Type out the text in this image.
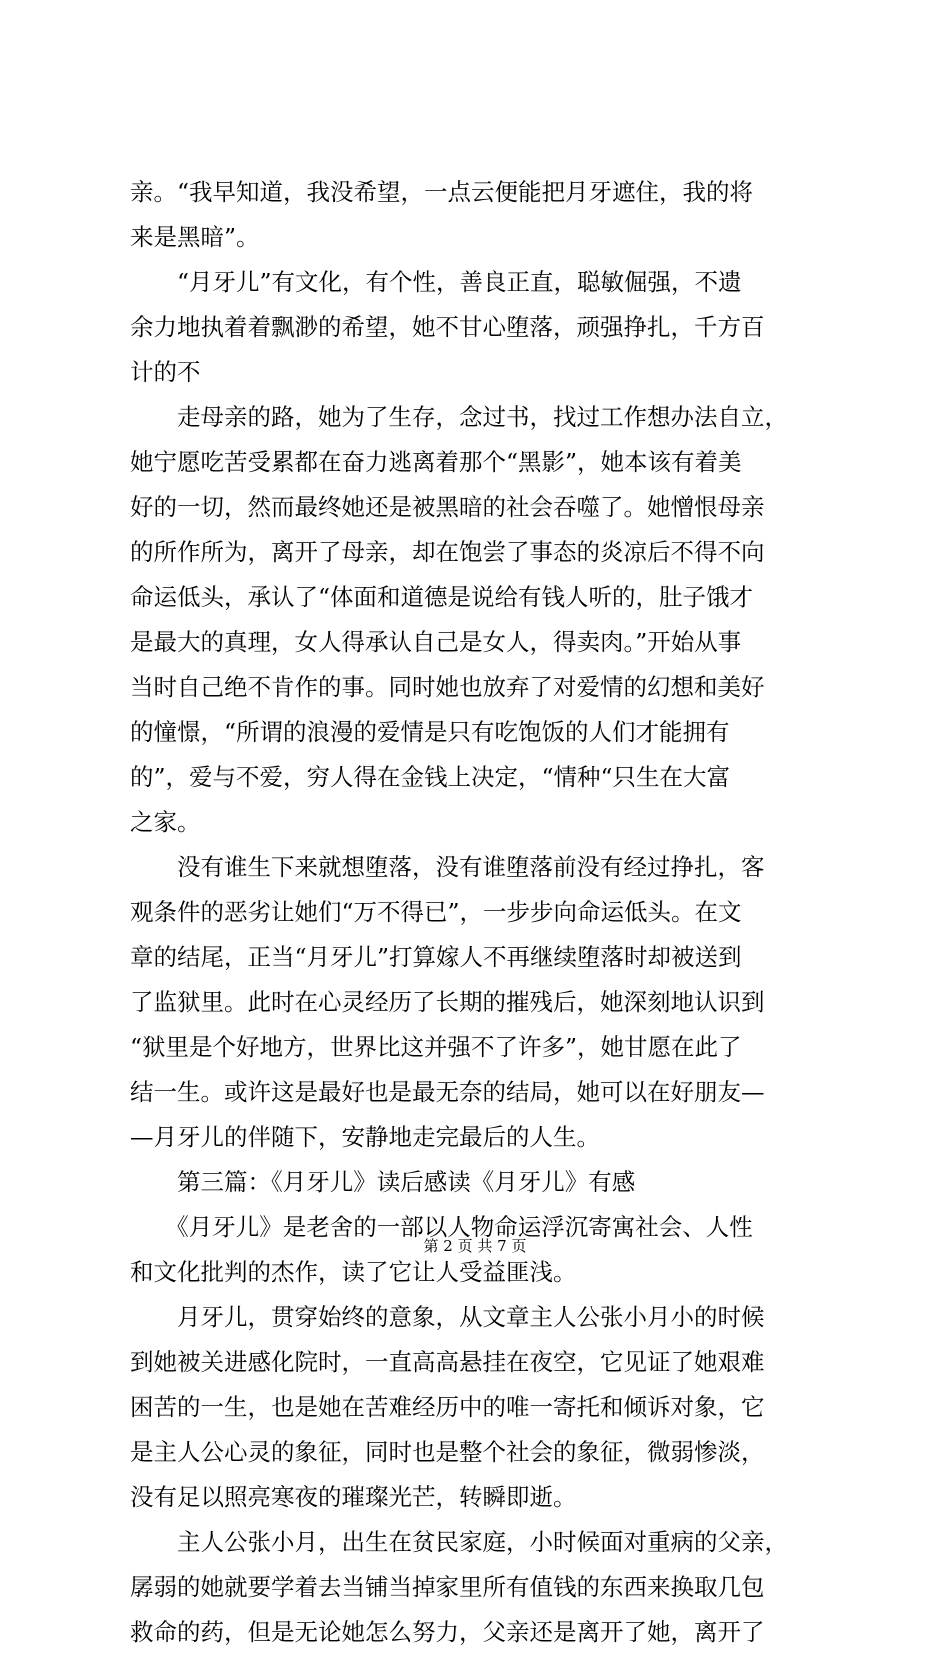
亲。“我早知道，我没希望，一点云便能把月牙遮住，我的将
来是黑暗”。
　　“月牙儿”有文化，有个性，善良正直，聪敏倔强，不遗
余力地执着着飘渺的希望，她不甘心堕落，顽强挣扎，千方百
计的不
　　走母亲的路，她为了生存，念过书，找过工作想办法自立，
她宁愿吃苦受累都在奋力逃离着那个“黑影”，她本该有着美
好的一切，然而最终她还是被黑暗的社会吞噬了。她憎恨母亲
的所作所为，离开了母亲，却在饱尝了事态的炎凉后不得不向
命运低头，承认了“体面和道德是说给有钱人听的，肚子饿才
是最大的真理，女人得承认自己是女人，得卖肉。”开始从事
当时自己绝不肯作的事。同时她也放弃了对爱情的幻想和美好
的憧憬，“所谓的浪漫的爱情是只有吃饱饭的人们才能拥有
的”，爱与不爱，穷人得在金钱上决定，“情种“只生在大富
之家。
　　没有谁生下来就想堕落，没有谁堕落前没有经过挣扎，客
观条件的恶劣让她们“万不得已”，一步步向命运低头。在文
章的结尾，正当“月牙儿”打算嫁人不再继续堕落时却被送到
了监狱里。此时在心灵经历了长期的摧残后，她深刻地认识到
“狱里是个好地方，世界比这并强不了许多”，她甘愿在此了
结一生。或许这是最好也是最无奈的结局，她可以在好朋友—
—月牙儿的伴随下，安静地走完最后的人生。
　　第三篇：《月牙儿》读后感读《月牙儿》有感
　　《月牙儿》是老舍的一部以人物命运浮沉寄寓社会、人性
和文化批判的杰作，读了它让人受益匪浅。
　　月牙儿，贯穿始终的意象，从文章主人公张小月小的时候
到她被关进感化院时，一直高高悬挂在夜空，它见证了她艰难
困苦的一生，也是她在苦难经历中的唯一寄托和倾诉对象，它
是主人公心灵的象征，同时也是整个社会的象征，微弱惨淡，
没有足以照亮寒夜的璀璨光芒，转瞬即逝。
　　主人公张小月，出生在贫民家庭，小时候面对重病的父亲，
孱弱的她就要学着去当铺当掉家里所有值钱的东西来换取几包
救命的药，但是无论她怎么努力，父亲还是离开了她，离开了
第 2 页 共 7 页
